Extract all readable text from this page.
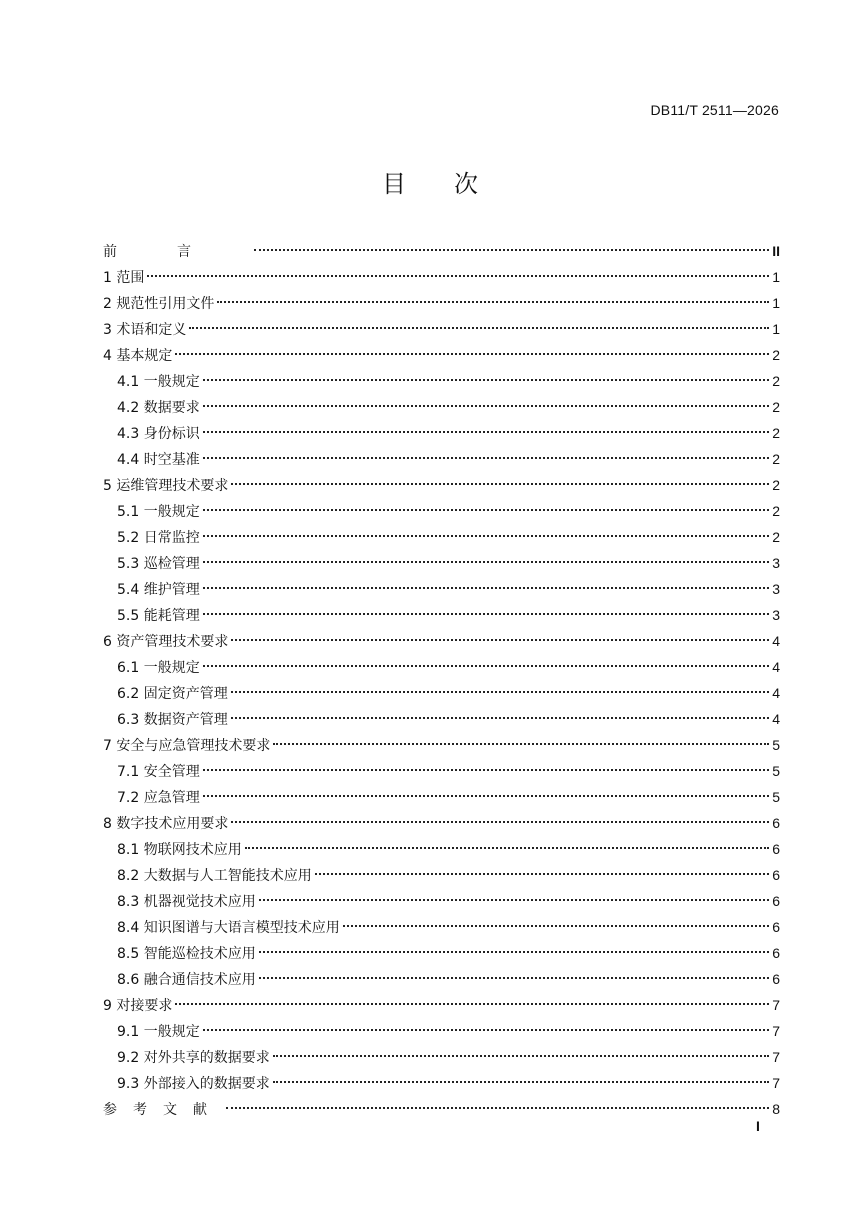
DB11/T 2511—2026
目　　次
前言	II
1 范围	1
2 规范性引用文件	1
3 术语和定义	1
4 基本规定	2
4.1 一般规定	2
4.2 数据要求	2
4.3 身份标识	2
4.4 时空基准	2
5 运维管理技术要求	2
5.1 一般规定	2
5.2 日常监控	2
5.3 巡检管理	3
5.4 维护管理	3
5.5 能耗管理	3
6 资产管理技术要求	4
6.1 一般规定	4
6.2 固定资产管理	4
6.3 数据资产管理	4
7 安全与应急管理技术要求	5
7.1 安全管理	5
7.2 应急管理	5
8 数字技术应用要求	6
8.1 物联网技术应用	6
8.2 大数据与人工智能技术应用	6
8.3 机器视觉技术应用	6
8.4 知识图谱与大语言模型技术应用	6
8.5 智能巡检技术应用	6
8.6 融合通信技术应用	6
9 对接要求	7
9.1 一般规定	7
9.2 对外共享的数据要求	7
9.3 外部接入的数据要求	7
参考文献	8
I
